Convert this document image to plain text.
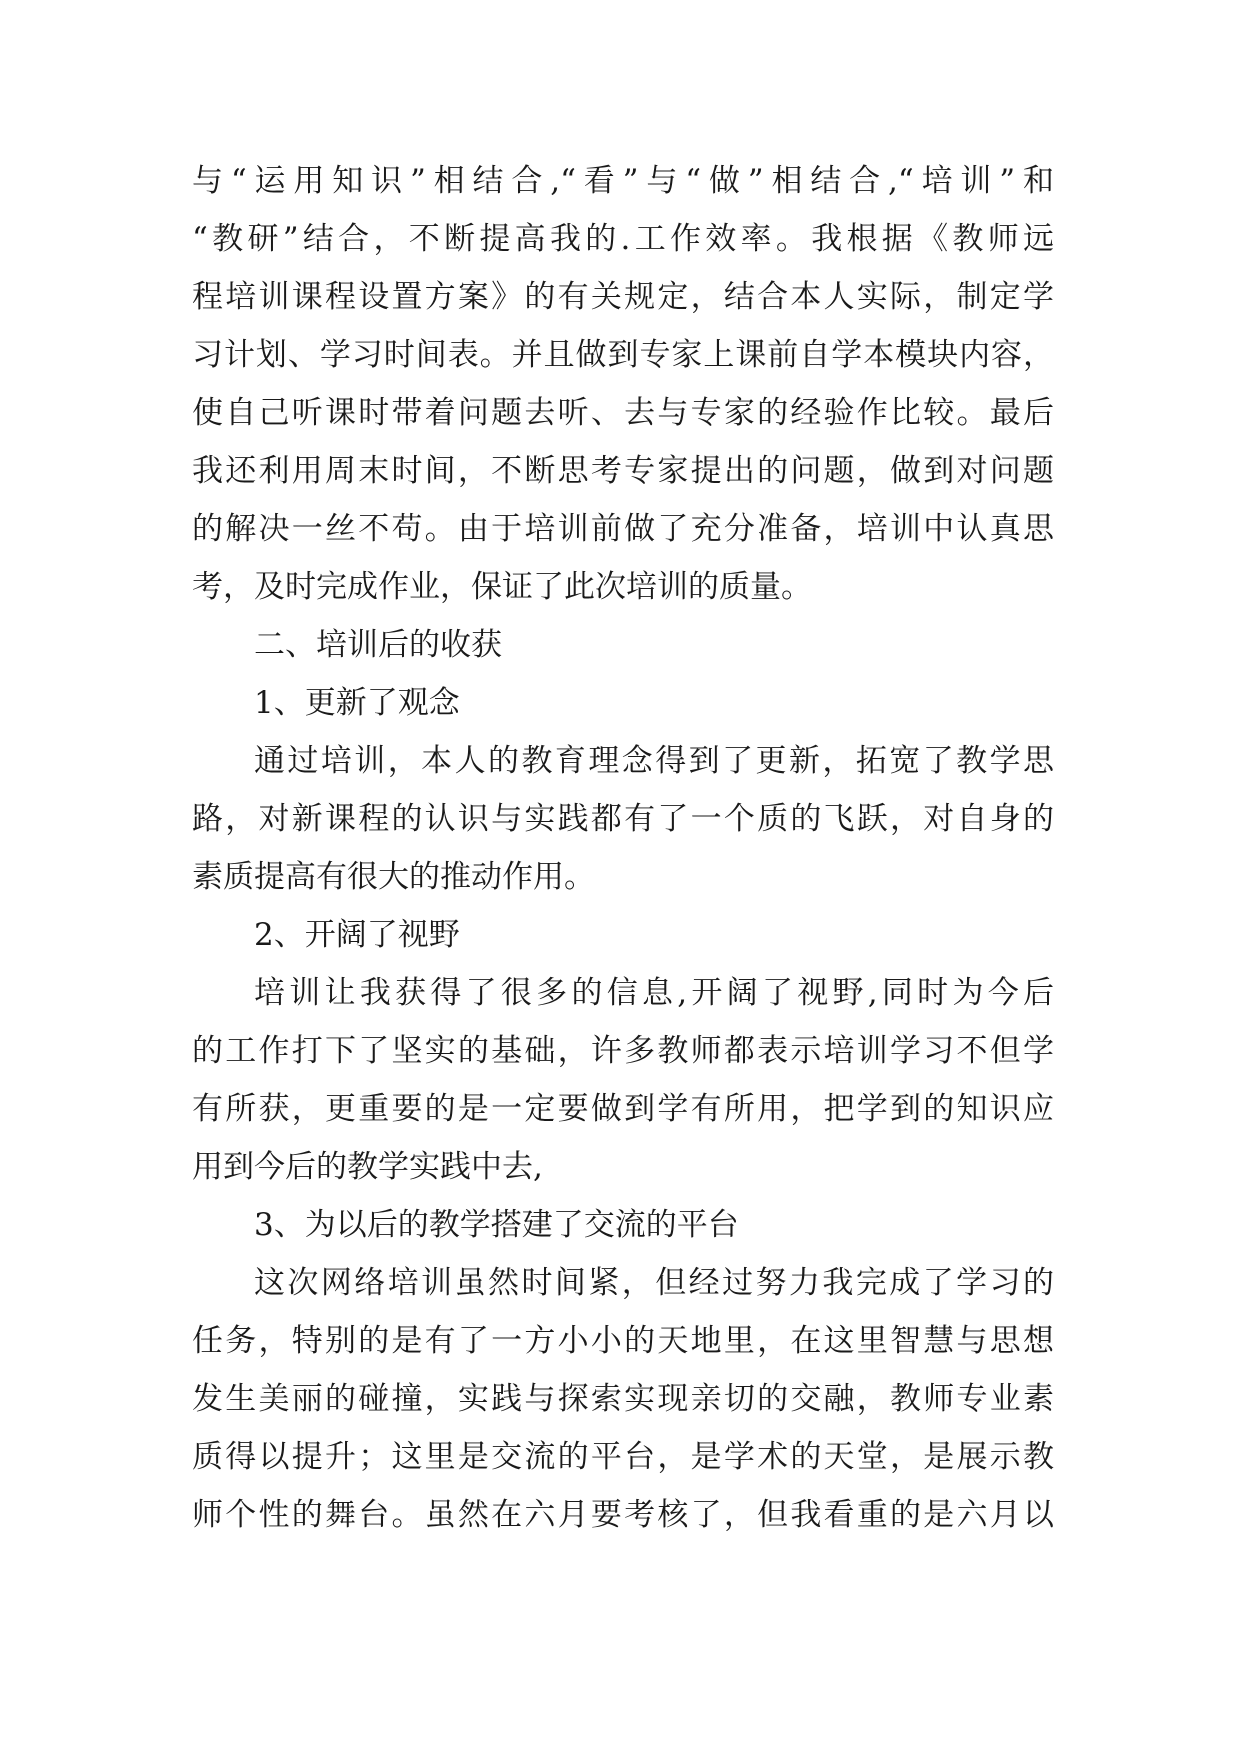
与“运用知识”相结合,“看”与“做”相结合,“培训”和
“教研”结合，不断提高我的.工作效率。我根据《教师远
程培训课程设置方案》的有关规定，结合本人实际，制定学
习计划、学习时间表。并且做到专家上课前自学本模块内容，
使自己听课时带着问题去听、去与专家的经验作比较。最后
我还利用周末时间，不断思考专家提出的问题，做到对问题
的解决一丝不苟。由于培训前做了充分准备，培训中认真思
考，及时完成作业，保证了此次培训的质量。
二、培训后的收获
1、更新了观念
通过培训，本人的教育理念得到了更新，拓宽了教学思
路，对新课程的认识与实践都有了一个质的飞跃，对自身的
素质提高有很大的推动作用。
2、开阔了视野
培训让我获得了很多的信息,开阔了视野,同时为今后
的工作打下了坚实的基础，许多教师都表示培训学习不但学
有所获，更重要的是一定要做到学有所用，把学到的知识应
用到今后的教学实践中去,
3、为以后的教学搭建了交流的平台
这次网络培训虽然时间紧，但经过努力我完成了学习的
任务，特别的是有了一方小小的天地里，在这里智慧与思想
发生美丽的碰撞，实践与探索实现亲切的交融，教师专业素
质得以提升；这里是交流的平台，是学术的天堂，是展示教
师个性的舞台。虽然在六月要考核了，但我看重的是六月以
